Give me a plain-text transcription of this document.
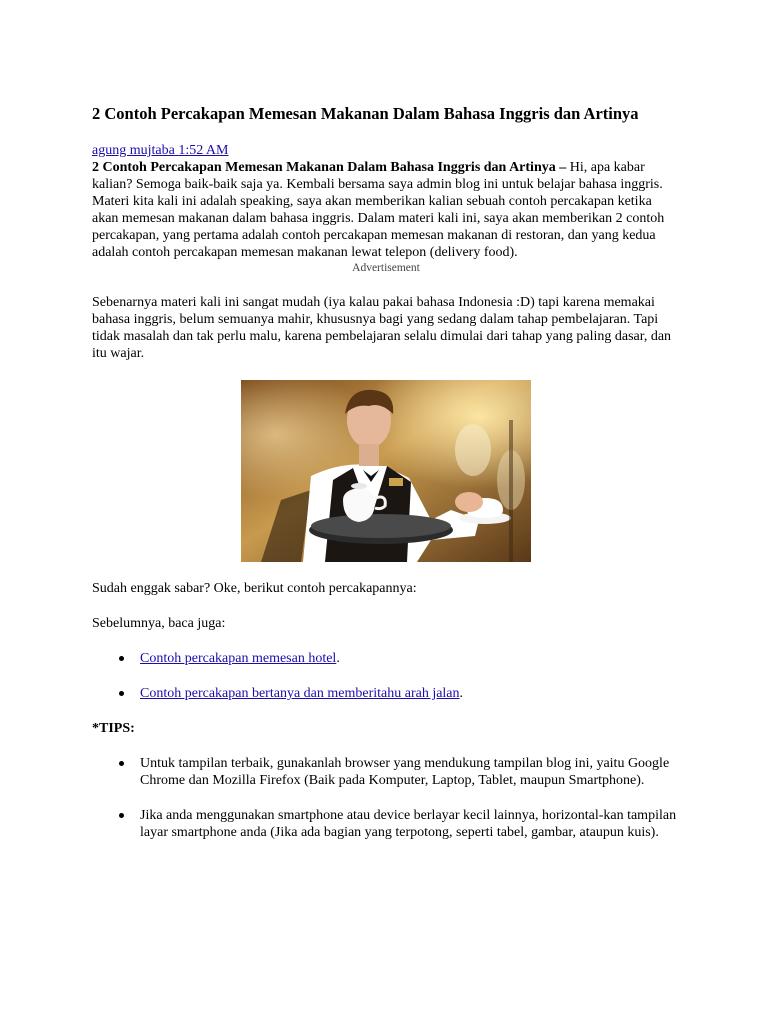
2 Contoh Percakapan Memesan Makanan Dalam Bahasa Inggris dan Artinya

agung mujtaba 1:52 AM

2 Contoh Percakapan Memesan Makanan Dalam Bahasa Inggris dan Artinya – Hi, apa kabar kalian? Semoga baik-baik saja ya. Kembali bersama saya admin blog ini untuk belajar bahasa inggris. Materi kita kali ini adalah speaking, saya akan memberikan kalian sebuah contoh percakapan ketika akan memesan makanan dalam bahasa inggris. Dalam materi kali ini, saya akan memberikan 2 contoh percakapan, yang pertama adalah contoh percakapan memesan makanan di restoran, dan yang kedua adalah contoh percakapan memesan makanan lewat telepon (delivery food).

Advertisement

Sebenarnya materi kali ini sangat mudah (iya kalau pakai bahasa Indonesia :D) tapi karena memakai bahasa inggris, belum semuanya mahir, khususnya bagi yang sedang dalam tahap pembelajaran. Tapi tidak masalah dan tak perlu malu, karena pembelajaran selalu dimulai dari tahap yang paling dasar, dan itu wajar.

Sudah enggak sabar? Oke, berikut contoh percakapannya:

Sebelumnya, baca juga:

Contoh percakapan memesan hotel.
Contoh percakapan bertanya dan memberitahu arah jalan.

*TIPS:

Untuk tampilan terbaik, gunakanlah browser yang mendukung tampilan blog ini, yaitu Google Chrome dan Mozilla Firefox (Baik pada Komputer, Laptop, Tablet, maupun Smartphone).
Jika anda menggunakan smartphone atau device berlayar kecil lainnya, horizontal-kan tampilan layar smartphone anda (Jika ada bagian yang terpotong, seperti tabel, gambar, ataupun kuis).
